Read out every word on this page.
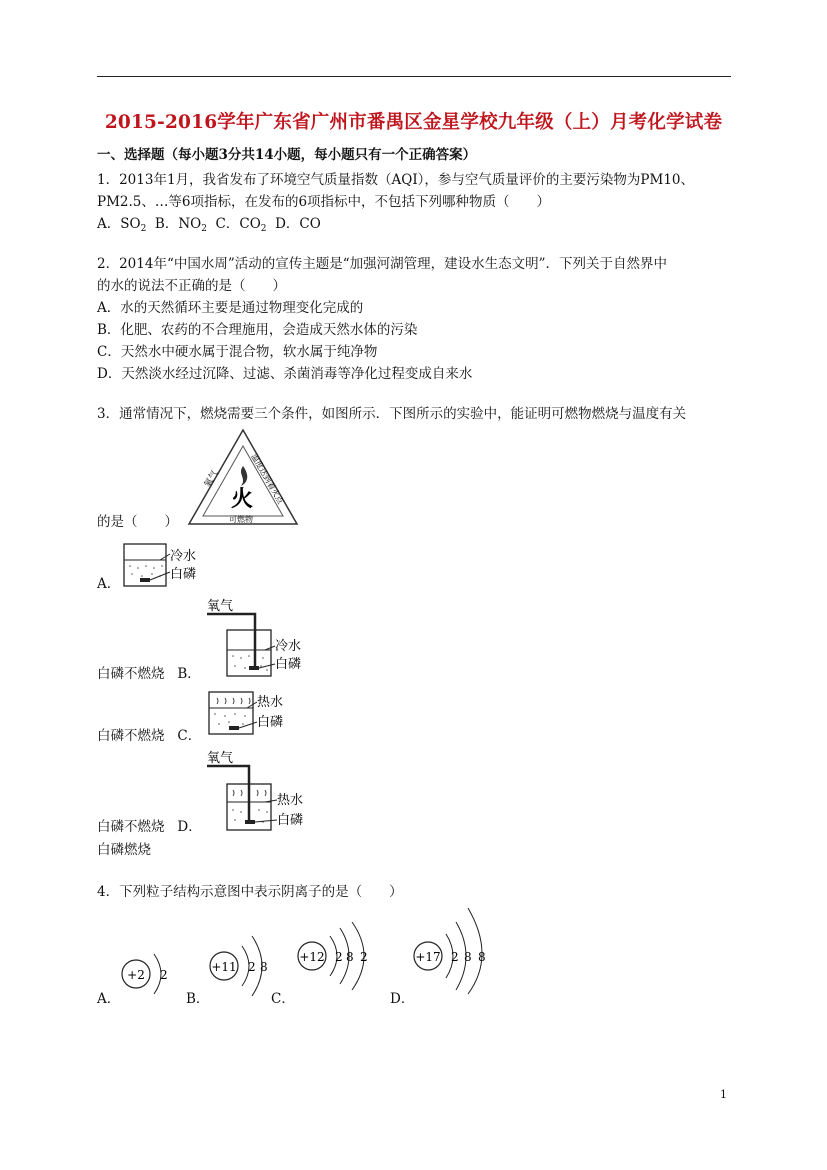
2015-2016学年广东省广州市番禺区金星学校九年级（上）月考化学试卷
一、选择题（每小题3分共14小题，每小题只有一个正确答案）
1．2013年1月，我省发布了环境空气质量指数（AQI），参与空气质量评价的主要污染物为PM10、
PM2.5、…等6项指标，在发布的6项指标中，不包括下列哪种物质（　　）
A．$SO_2$ B．$NO_2$ C．$CO_2$ D．CO
2．2014年“中国水周”活动的宣传主题是“加强河湖管理，建设水生态文明”．下列关于自然界中
的水的说法不正确的是（　　）
A．水的天然循环主要是通过物理变化完成的
B．化肥、农药的不合理施用，会造成天然水体的污染
C．天然水中硬水属于混合物，软水属于纯净物
D．天然淡水经过沉降、过滤、杀菌消毒等净化过程变成自来水
3．通常情况下，燃烧需要三个条件，如图所示．下图所示的实验中，能证明可燃物燃烧与温度有关
氧气	温度达到着火点
可燃物
火
的是（　　）
A．
冷水
白磷
白磷不燃烧 B．
氧气
冷水
白磷
白磷不燃烧 C．
热水
白磷
白磷不燃烧 D．
氧气
热水
白磷
白磷燃烧
4．下列粒子结构示意图中表示阴离子的是（　　）
A．
+2 2
B．
+11 2 8
C．
+12 2 8 2
D．
+17 2 8 8
1
